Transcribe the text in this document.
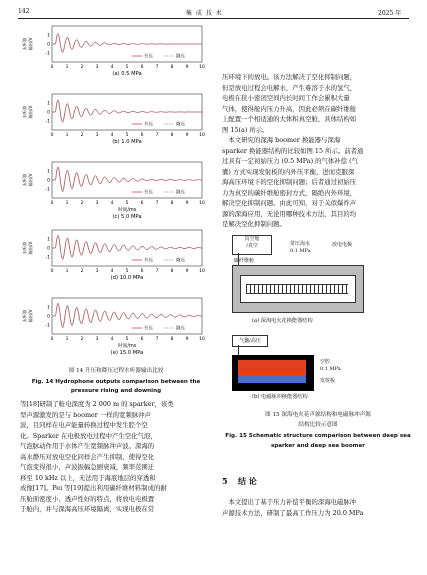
142	集 成 技 术	2025 年
水听器 输出/V
1
0
-1
0	1	2	3	4	5	6	7	8	9 10
升压	降压
(a) 0.5 MPa
水听器 输出/V
1
0
-1
0	1	2	3	4	5	6	7	8	9 10
升压	降压
(b) 1.0 MPa
水听器 输出/V
1
0
-1
0	1	2	3	4	5	6	7	8	9 10
升压	降压
时间/ms
(c) 5.0 MPa
水听器 输出/V
1
0
-1
0	1	2	3	4	5	6	7	8	9 10
升压	降压
(d) 10.0 MPa
水听器 输出/V
1
0
-1
0	1	2	3	4	5	6	7	8	9 10
升压	降压
时间/ms
(e) 15.0 MPa
图 14 升压和降压过程水听器输出比较
Fig. 14 Hydrophone outputs comparison between the
pressure rising and downing
等[18]研制了舱电深度为 2 000 m 的 sparker，该类
型声源激发的是与 boomer 一样的宽频脉冲声
波，且同样在电声能量转换过程中发生腔个空
化。Sparker 在电极放电过程中产生空化气泡，
气泡脉动作用于水体产生宽频脉冲声波。深海的
高水静压对放电空化同样会产生抑制，使得空化
气泡变得很小，声波振幅急剧衰减，频率范围迁
移至 10 kHz 以上，无法用于海底地层的穿透和
成像[17]。Pei 等[19]提出利用碳纤维材料制成的耐
压舱面密度小、透声性好的特点，将放电电极置
于舱内，并与深海高压环境隔离，实现电极在常
压环境下的放电。该方法解决了空化抑制问题，
但是放电过程会电解水，产生难溶于水的氢气，
电极在狭小密闭空间内长时间工作会累积大量
气体，使得舱内压力升高，因此必须在碳纤维舱
上配置一个相适通的大体积真空舱，具体结构如
图 15(a) 所示。
　本文研究的深海 boomer 换能器与深海
sparker 换能器结构的比较如图 15 所示。前者通
过具有一定初始压力 (0.5 MPa) 的气体补偿 (气
囊) 方式实现发射板的内外压平衡，进而克服深
海高压环境下的空化抑制问题；后者通过初始压
力为真空的碳纤维舱密封方式，隔绝内外环境，
解决空化抑制问题。由此可知，对于关似爆炸声
源的深海应用，无论用哪种技术方法，其目的均
是解决空化抑制问题。
真空舱
/真空
碳纤维舱
常压海水
0.1 MPa
放电电极
(a) 深海电火花换能器结构
气囊/高压
空腔
0.1 MPa
发射板
(b) 电磁脉冲换能器结构
图 15 深海电火花声源结构和电磁脉冲声源
结构比较示意图
Fig. 15 Schematic structure comparison between deep sea
sparker and deep sea boomer
5 结 论
　本文提出了基于压力补偿平衡的深海电磁脉冲
声源技术方法，研制了最高工作压力为 20.0 MPa
